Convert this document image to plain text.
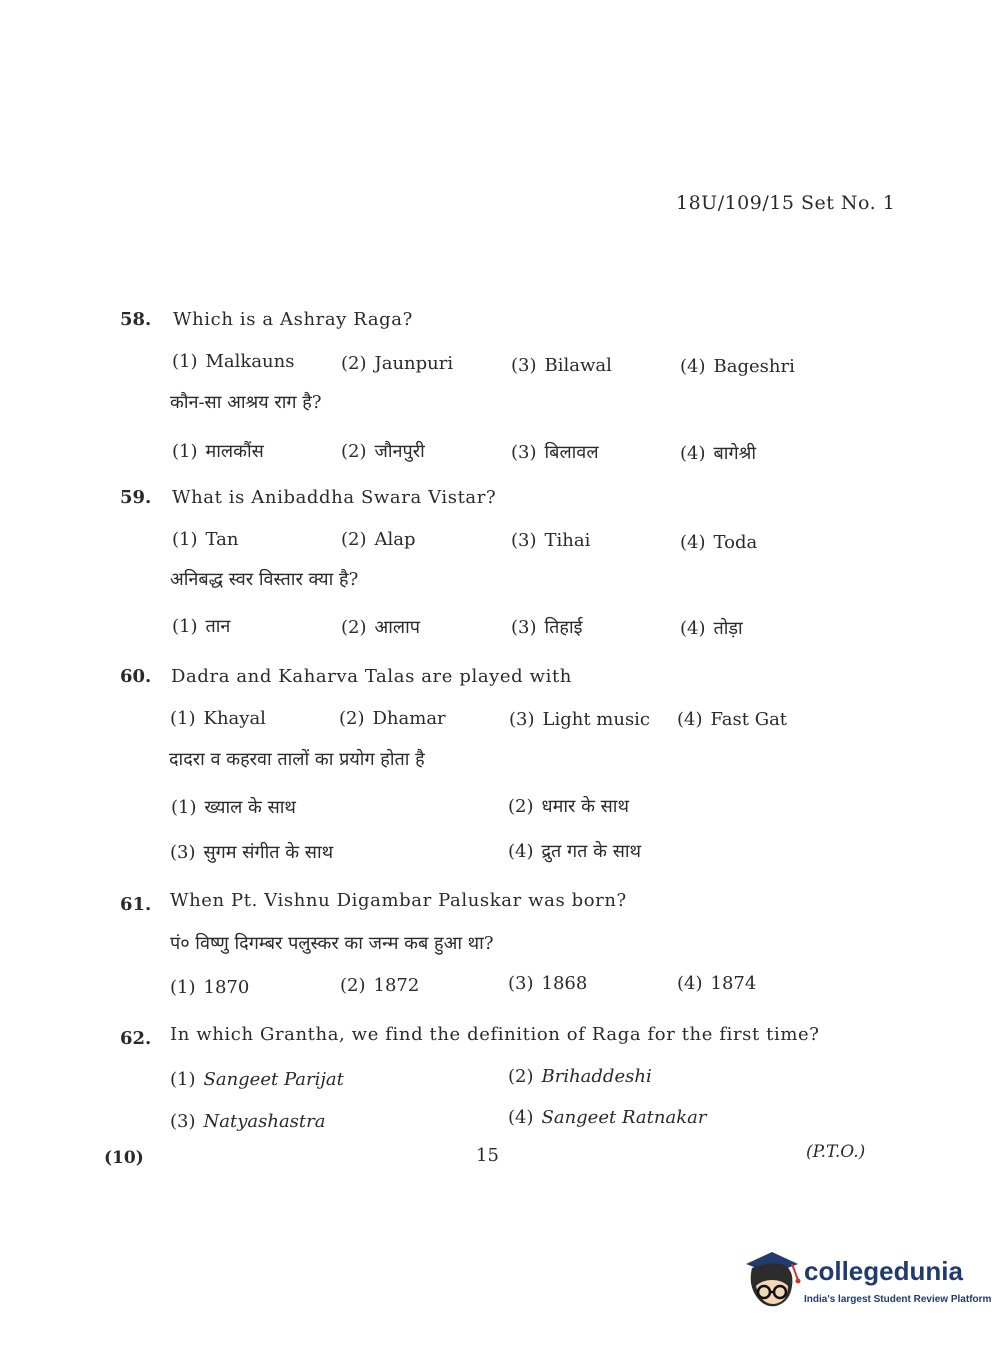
18U/109/15 Set No. 1
58. Which is a Ashray Raga?
(1) Malkauns	(2) Jaunpuri	(3) Bilawal	(4) Bageshri
कौन-सा आश्रय राग है?
(1) मालकौंस	(2) जौनपुरी	(3) बिलावल	(4) बागेश्री
59. What is Anibaddha Swara Vistar?
(1) Tan	(2) Alap	(3) Tihai	(4) Toda
अनिबद्ध स्वर विस्तार क्या है?
(1) तान	(2) आलाप	(3) तिहाई	(4) तोड़ा
60. Dadra and Kaharva Talas are played with
(1) Khayal	(2) Dhamar	(3) Light music (4) Fast Gat
दादरा व कहरवा तालों का प्रयोग होता है
(1) ख्याल के साथ	(2) धमार के साथ
(3) सुगम संगीत के साथ	(4) द्रुत गत के साथ
61. When Pt. Vishnu Digambar Paluskar was born?
पं० विष्णु दिगम्बर पलुस्कर का जन्म कब हुआ था?
(1) 1870	(2) 1872	(3) 1868	(4) 1874
62. In which Grantha, we find the definition of Raga for the first time?
(1) Sangeet Parijat	(2) Brihaddeshi
(3) Natyashastra	(4) Sangeet Ratnakar
(10)	15	(P.T.O.)
collegedunia
India's largest Student Review Platform
